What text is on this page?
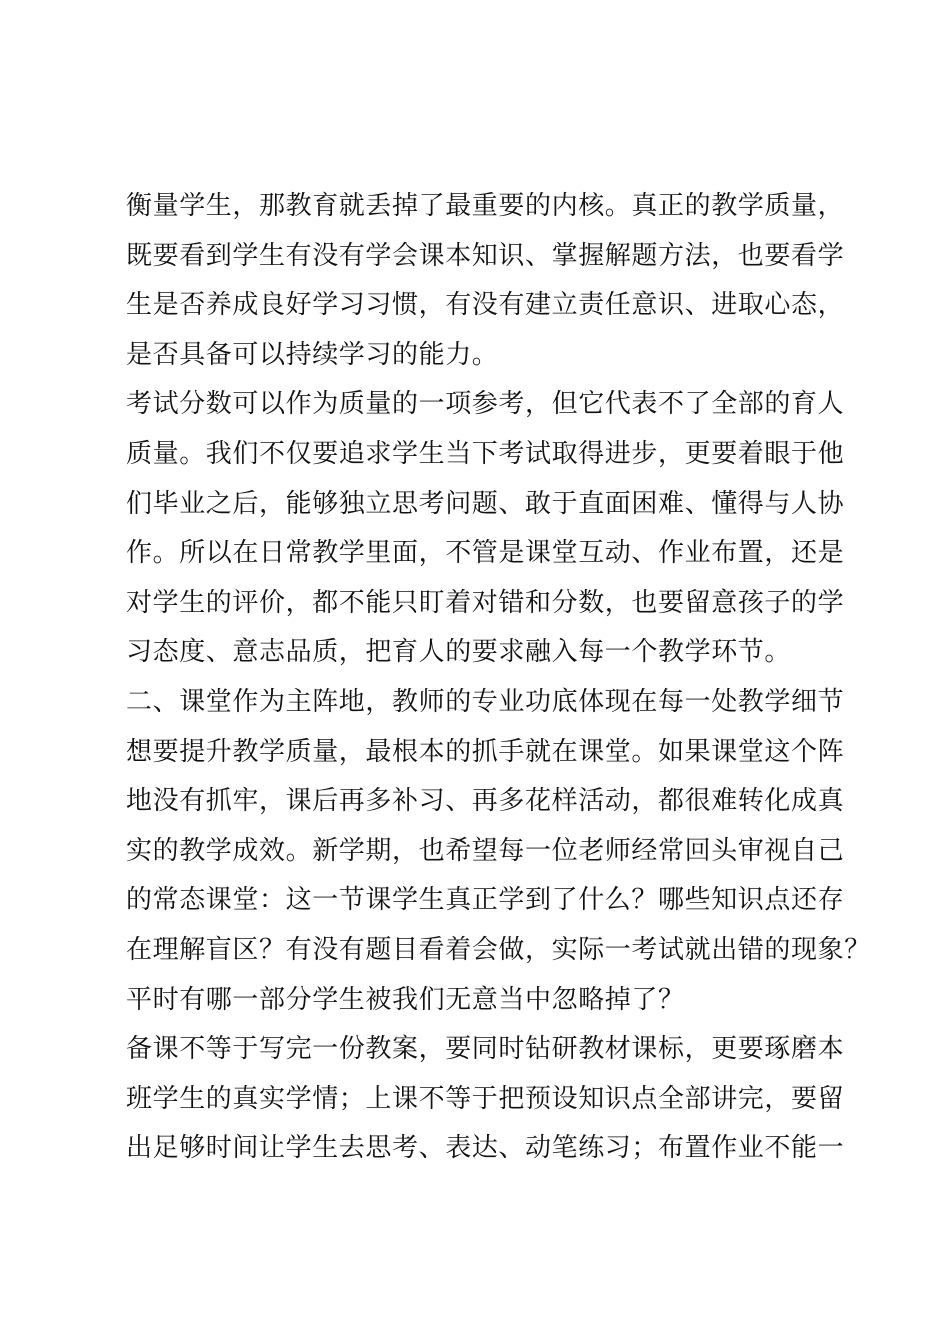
衡量学生，那教育就丢掉了最重要的内核。真正的教学质量，
既要看到学生有没有学会课本知识、掌握解题方法，也要看学
生是否养成良好学习习惯，有没有建立责任意识、进取心态，
是否具备可以持续学习的能力。
考试分数可以作为质量的一项参考，但它代表不了全部的育人
质量。我们不仅要追求学生当下考试取得进步，更要着眼于他
们毕业之后，能够独立思考问题、敢于直面困难、懂得与人协
作。所以在日常教学里面，不管是课堂互动、作业布置，还是
对学生的评价，都不能只盯着对错和分数，也要留意孩子的学
习态度、意志品质，把育人的要求融入每一个教学环节。
二、课堂作为主阵地，教师的专业功底体现在每一处教学细节
想要提升教学质量，最根本的抓手就在课堂。如果课堂这个阵
地没有抓牢，课后再多补习、再多花样活动，都很难转化成真
实的教学成效。新学期，也希望每一位老师经常回头审视自己
的常态课堂：这一节课学生真正学到了什么？哪些知识点还存
在理解盲区？有没有题目看着会做，实际一考试就出错的现象？
平时有哪一部分学生被我们无意当中忽略掉了？
备课不等于写完一份教案，要同时钻研教材课标，更要琢磨本
班学生的真实学情；上课不等于把预设知识点全部讲完，要留
出足够时间让学生去思考、表达、动笔练习；布置作业不能一
